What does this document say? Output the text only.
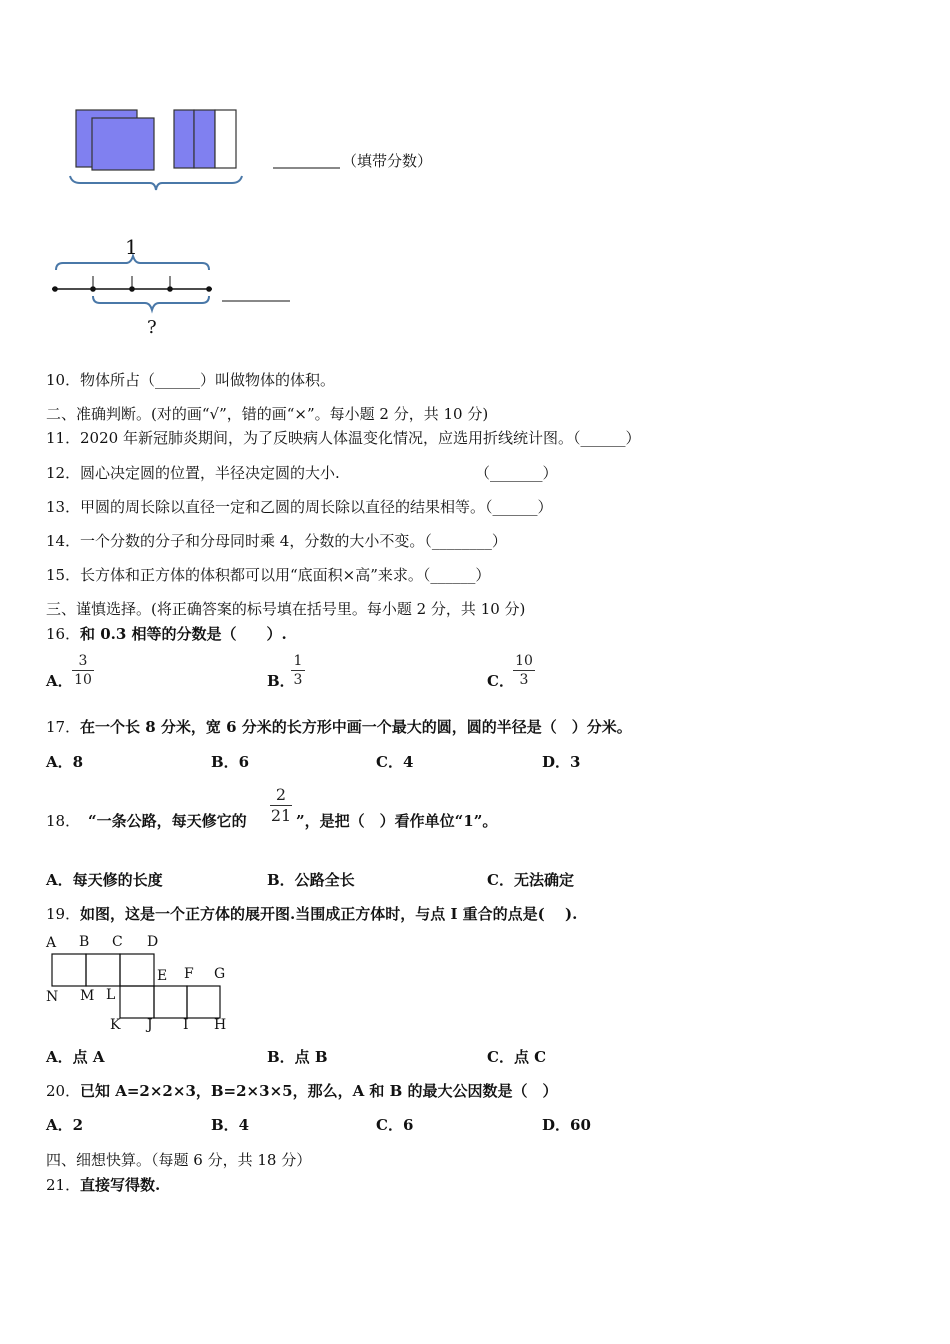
（填带分数）
1
?
10． 物体所占（______）叫做物体的体积。
二、准确判断。(对的画“√”，错的画“×”。每小题 2 分，共 10 分)
11． 2020 年新冠肺炎期间，为了反映病人体温变化情况，应选用折线统计图。（______）
12． 圆心决定圆的位置，半径决定圆的大小.	（_______）
13． 甲圆的周长除以直径一定和乙圆的周长除以直径的结果相等。（______）
14． 一个分数的分子和分母同时乘 4，分数的大小不变。（________）
15． 长方体和正方体的体积都可以用“底面积×高”来求。（______）
三、谨慎选择。(将正确答案的标号填在括号里。每小题 2 分，共 10 分)
16． 和 0.3 相等的分数是（　　）.
A．
3
10	B．
1
3	C．
10
3
17． 在一个长 8 分米，宽 6 分米的长方形中画一个最大的圆，圆的半径是（　）分米。
A．8	B．6	C．4	D．3
18． “一条公路，每天修它的
2
21 ”，是把（　）看作单位“1”。
A．每天修的长度	B．公路全长	C．无法确定
19． 如图，这是一个正方体的展开图.当围成正方体时，与点 I 重合的点是(　 ).
A B C D
E F G
N M L
K J I H
A．点 A	B．点 B	C．点 C
20． 已知 A=2×2×3，B=2×3×5，那么，A 和 B 的最大公因数是（　）
A．2	B．4	C．6	D．60
四、细想快算。（每题 6 分，共 18 分）
21． 直接写得数.
